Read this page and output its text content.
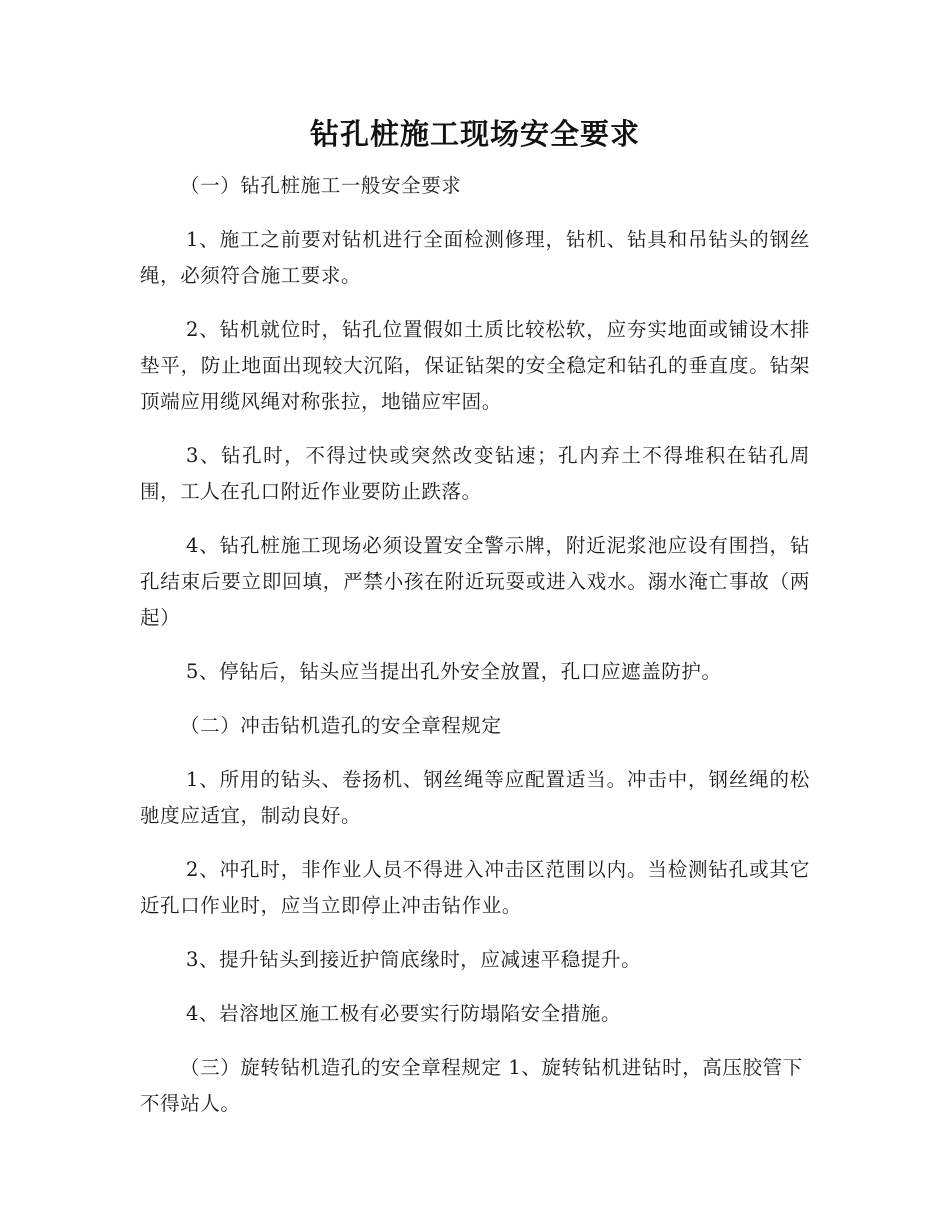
钻孔桩施工现场安全要求

（一）钻孔桩施工一般安全要求

1、施工之前要对钻机进行全面检测修理，钻机、钻具和吊钻头的钢丝绳，必须符合施工要求。

2、钻机就位时，钻孔位置假如土质比较松软，应夯实地面或铺设木排垫平，防止地面出现较大沉陷，保证钻架的安全稳定和钻孔的垂直度。钻架顶端应用缆风绳对称张拉，地锚应牢固。

3、钻孔时，不得过快或突然改变钻速；孔内弃土不得堆积在钻孔周围，工人在孔口附近作业要防止跌落。

4、钻孔桩施工现场必须设置安全警示牌，附近泥浆池应设有围挡，钻孔结束后要立即回填，严禁小孩在附近玩耍或进入戏水。溺水淹亡事故（两起）

5、停钻后，钻头应当提出孔外安全放置，孔口应遮盖防护。

（二）冲击钻机造孔的安全章程规定

1、所用的钻头、卷扬机、钢丝绳等应配置适当。冲击中，钢丝绳的松驰度应适宜，制动良好。

2、冲孔时，非作业人员不得进入冲击区范围以内。当检测钻孔或其它近孔口作业时，应当立即停止冲击钻作业。

3、提升钻头到接近护筒底缘时，应减速平稳提升。

4、岩溶地区施工极有必要实行防塌陷安全措施。

（三）旋转钻机造孔的安全章程规定 1、旋转钻机进钻时，高压胶管下不得站人。
